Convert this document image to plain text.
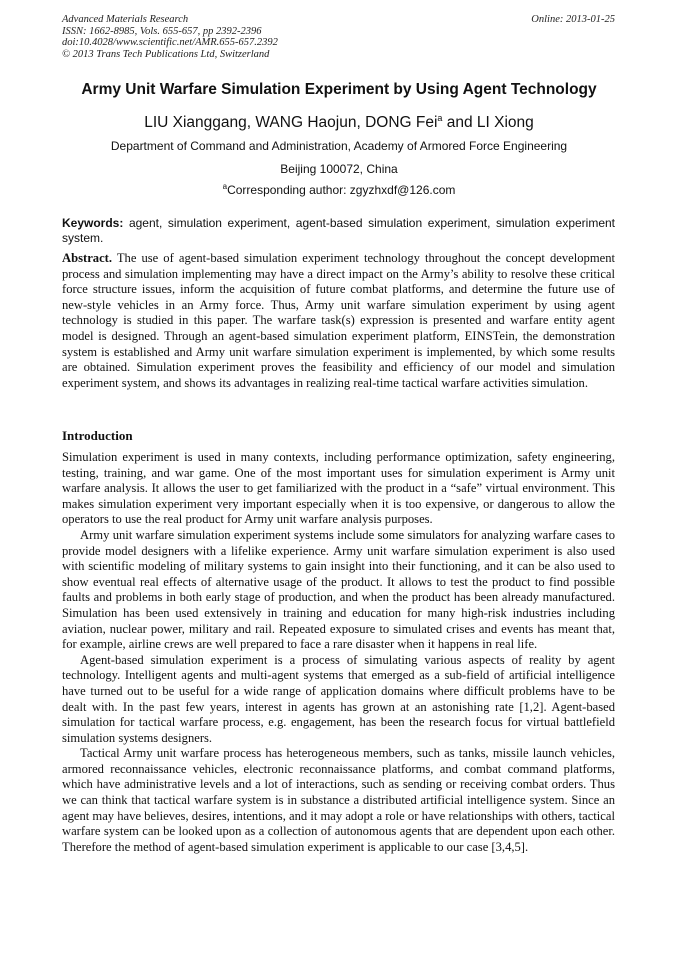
Advanced Materials Research
ISSN: 1662-8985, Vols. 655-657, pp 2392-2396
doi:10.4028/www.scientific.net/AMR.655-657.2392
© 2013 Trans Tech Publications Ltd, Switzerland
Online: 2013-01-25
Army Unit Warfare Simulation Experiment by Using Agent Technology
LIU Xianggang, WANG Haojun, DONG Fei$^a$ and LI Xiong
Department of Command and Administration, Academy of Armored Force Engineering
Beijing 100072, China
$^a$Corresponding author: zgyzhxdf@126.com
Keywords: agent, simulation experiment, agent-based simulation experiment, simulation experiment system.
Abstract. The use of agent-based simulation experiment technology throughout the concept development process and simulation implementing may have a direct impact on the Army’s ability to resolve these critical force structure issues, inform the acquisition of future combat platforms, and determine the future use of new-style vehicles in an Army force. Thus, Army unit warfare simulation experiment by using agent technology is studied in this paper. The warfare task(s) expression is presented and warfare entity agent model is designed. Through an agent-based simulation experiment platform, EINSTein, the demonstration system is established and Army unit warfare simulation experiment is implemented, by which some results are obtained. Simulation experiment proves the feasibility and efficiency of our model and simulation experiment system, and shows its advantages in realizing real-time tactical warfare activities simulation.
Introduction

Simulation experiment is used in many contexts, including performance optimization, safety engineering, testing, training, and war game. One of the most important uses for simulation experiment is Army unit warfare analysis. It allows the user to get familiarized with the product in a “safe” virtual environment. This makes simulation experiment very important especially when it is too expensive, or dangerous to allow the operators to use the real product for Army unit warfare analysis purposes.

Army unit warfare simulation experiment systems include some simulators for analyzing warfare cases to provide model designers with a lifelike experience. Army unit warfare simulation experiment is also used with scientific modeling of military systems to gain insight into their functioning, and it can be also used to show eventual real effects of alternative usage of the product. It allows to test the product to find possible faults and problems in both early stage of production, and when the product has been already manufactured. Simulation has been used extensively in training and education for many high-risk industries including aviation, nuclear power, military and rail. Repeated exposure to simulated crises and events has meant that, for example, airline crews are well prepared to face a rare disaster when it happens in real life.

Agent-based simulation experiment is a process of simulating various aspects of reality by agent technology. Intelligent agents and multi-agent systems that emerged as a sub-field of artificial intelligence have turned out to be useful for a wide range of application domains where difficult problems have to be dealt with. In the past few years, interest in agents has grown at an astonishing rate [1,2]. Agent-based simulation for tactical warfare process, e.g. engagement, has been the research focus for virtual battlefield simulation systems designers.

Tactical Army unit warfare process has heterogeneous members, such as tanks, missile launch vehicles, armored reconnaissance vehicles, electronic reconnaissance platforms, and combat command platforms, which have administrative levels and a lot of interactions, such as sending or receiving combat orders. Thus we can think that tactical warfare system is in substance a distributed artificial intelligence system. Since an agent may have believes, desires, intentions, and it may adopt a role or have relationships with others, tactical warfare system can be looked upon as a collection of autonomous agents that are dependent upon each other. Therefore the method of agent-based simulation experiment is applicable to our case [3,4,5].
